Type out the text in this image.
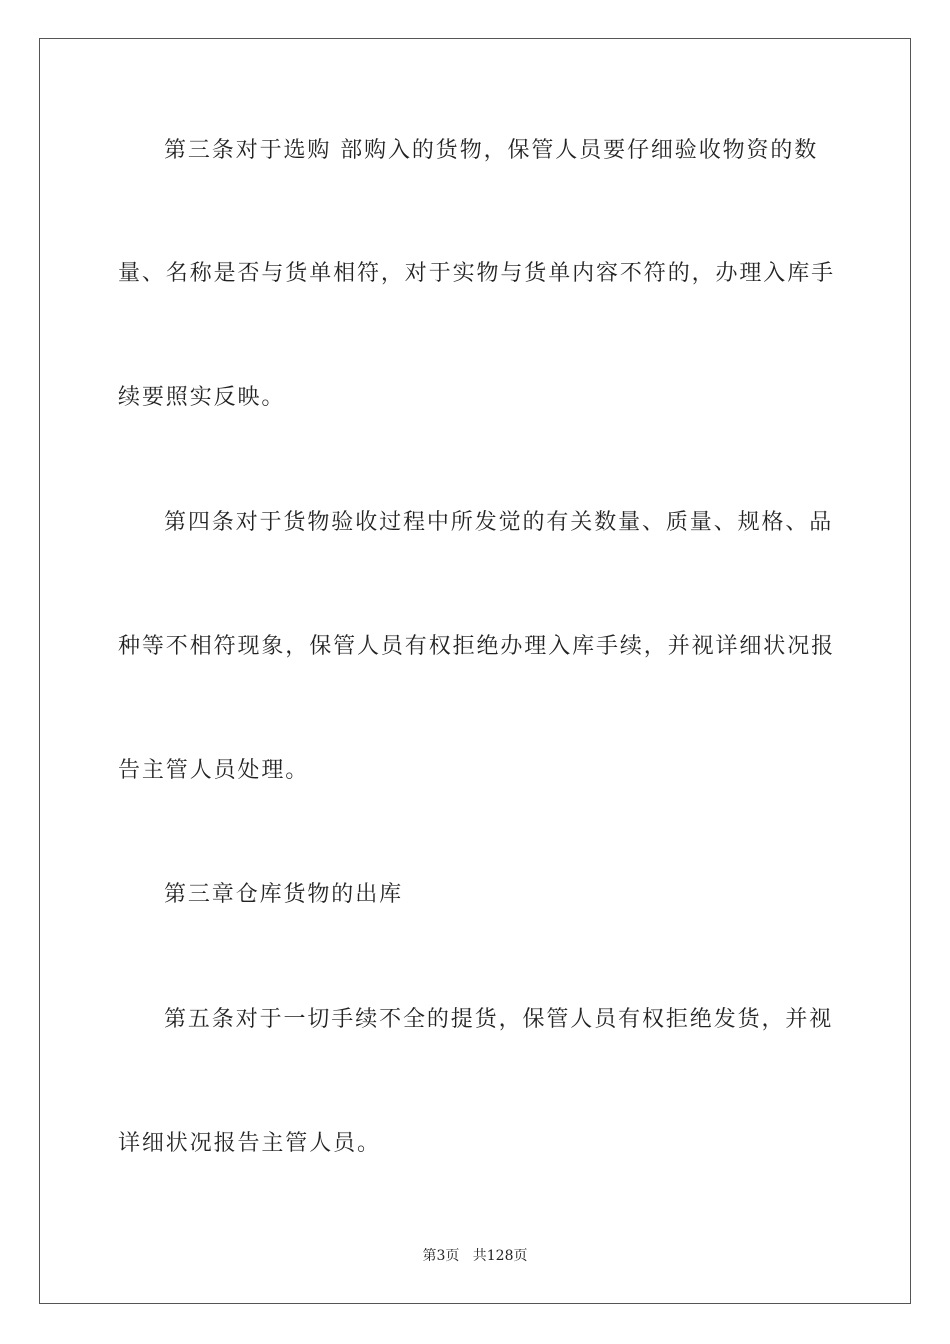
第三条对于选购 部购入的货物，保管人员要仔细验收物资的数
量、名称是否与货单相符，对于实物与货单内容不符的，办理入库手
续要照实反映。
第四条对于货物验收过程中所发觉的有关数量、质量、规格、品
种等不相符现象，保管人员有权拒绝办理入库手续，并视详细状况报
告主管人员处理。
第三章仓库货物的出库
第五条对于一切手续不全的提货，保管人员有权拒绝发货，并视
详细状况报告主管人员。
第3页 共128页
